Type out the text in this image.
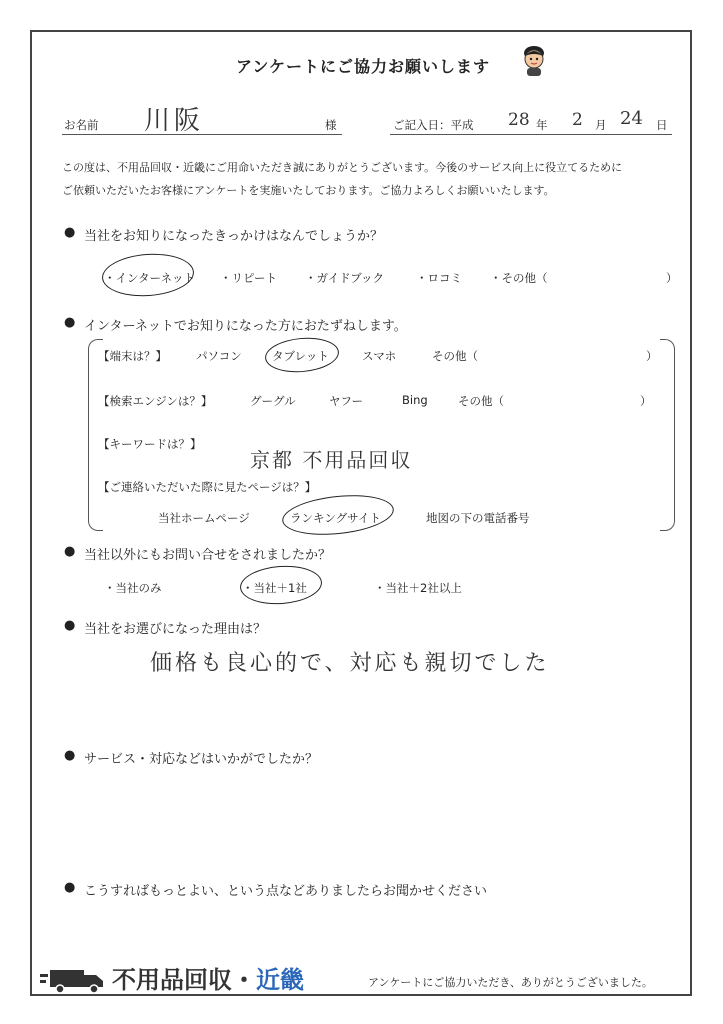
アンケートにご協力お願いします
お名前 川阪	様	ご記入日：平成 28 年 2 月 24 日
この度は、不用品回収・近畿にご用命いただき誠にありがとうございます。今後のサービス向上に役立てるために
ご依頼いただいたお客様にアンケートを実施いたしております。ご協力よろしくお願いいたします。
● 当社をお知りになったきっかけはなんでしょうか？
・インターネット ・リピート ・ガイドブック	・ロコミ ・その他（	）
● インターネットでお知りになった方におたずねします。
【端末は？】	パソコン	タブレット	スマホ	その他（	）
【検索エンジンは？】	グーグル	ヤフー	Bing	その他（	）
【キーワードは？】
京都 不用品回収
【ご連絡いただいた際に見たページは？】
当社ホームページ	ランキングサイト	地図の下の電話番号
● 当社以外にもお問い合せをされましたか？
・当社のみ	・当社＋1社	・当社＋2社以上
● 当社をお選びになった理由は？
価格も良心的で、対応も親切でした
● サービス・対応などはいかがでしたか？
● こうすればもっとよい、という点などありましたらお聞かせください
不用品回収・近畿	アンケートにご協力いただき、ありがとうございました。
